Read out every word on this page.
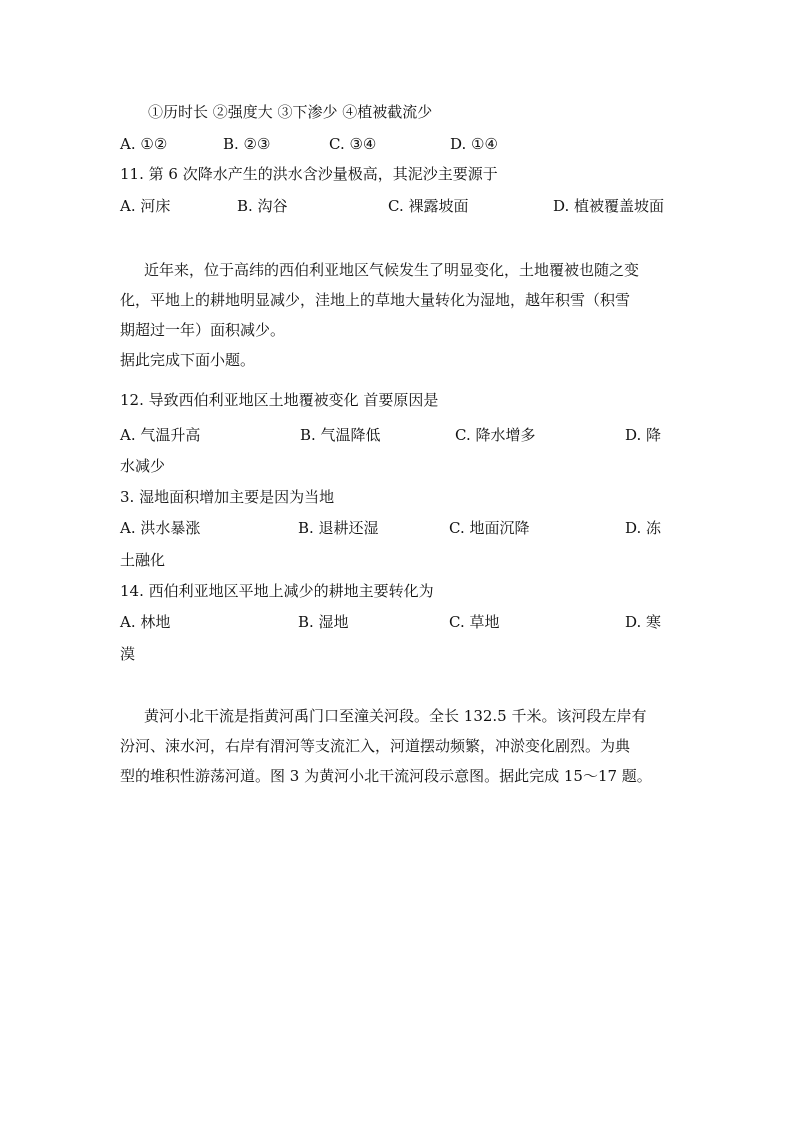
①历时长 ②强度大 ③下渗少 ④植被截流少
A. ①②	B. ②③	C. ③④	D. ①④
11. 第 6 次降水产生的洪水含沙量极高，其泥沙主要源于
A. 河床	B. 沟谷	C. 裸露坡面	D. 植被覆盖坡面
近年来，位于高纬的西伯利亚地区气候发生了明显变化，土地覆被也随之变
化，平地上的耕地明显减少，洼地上的草地大量转化为湿地，越年积雪（积雪
期超过一年）面积减少。
据此完成下面小题。
12. 导致西伯利亚地区土地覆被变化 首要原因是
A. 气温升高	B. 气温降低	C. 降水增多	D. 降
水减少
3. 湿地面积增加主要是因为当地
A. 洪水暴涨	B. 退耕还湿	C. 地面沉降	D. 冻
土融化
14. 西伯利亚地区平地上减少的耕地主要转化为
A. 林地	B. 湿地	C. 草地	D. 寒
漠
黄河小北干流是指黄河禹门口至潼关河段。全长 132.5 千米。该河段左岸有
汾河、涑水河，右岸有渭河等支流汇入，河道摆动频繁，冲淤变化剧烈。为典
型的堆积性游荡河道。图 3 为黄河小北干流河段示意图。据此完成 15～17 题。
